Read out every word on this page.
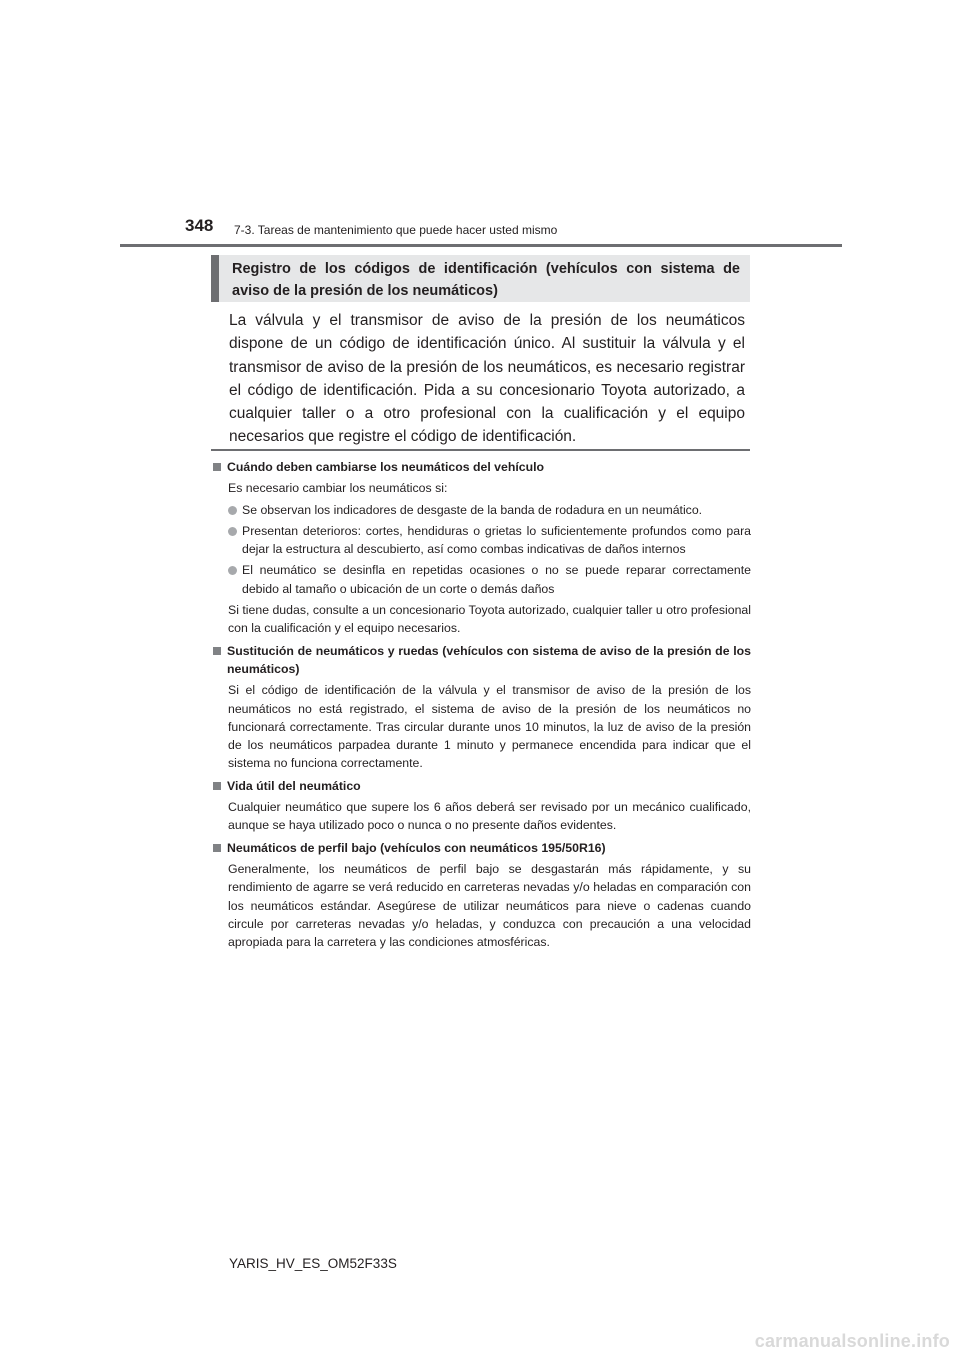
348 7-3. Tareas de mantenimiento que puede hacer usted mismo
Registro de los códigos de identificación (vehículos con sistema de aviso de la presión de los neumáticos)
La válvula y el transmisor de aviso de la presión de los neumáticos dispone de un código de identificación único. Al sustituir la válvula y el transmisor de aviso de la presión de los neumáticos, es necesario registrar el código de identificación. Pida a su concesionario Toyota autorizado, a cualquier taller o a otro profesional con la cualificación y el equipo necesarios que registre el código de identificación.
Cuándo deben cambiarse los neumáticos del vehículo
Es necesario cambiar los neumáticos si:
Se observan los indicadores de desgaste de la banda de rodadura en un neumático.
Presentan deterioros: cortes, hendiduras o grietas lo suficientemente profundos como para dejar la estructura al descubierto, así como combas indicativas de daños internos
El neumático se desinfla en repetidas ocasiones o no se puede reparar correctamente debido al tamaño o ubicación de un corte o demás daños
Si tiene dudas, consulte a un concesionario Toyota autorizado, cualquier taller u otro profesional con la cualificación y el equipo necesarios.
Sustitución de neumáticos y ruedas (vehículos con sistema de aviso de la presión de los neumáticos)
Si el código de identificación de la válvula y el transmisor de aviso de la presión de los neumáticos no está registrado, el sistema de aviso de la presión de los neumáticos no funcionará correctamente. Tras circular durante unos 10 minutos, la luz de aviso de la presión de los neumáticos parpadea durante 1 minuto y permanece encendida para indicar que el sistema no funciona correctamente.
Vida útil del neumático
Cualquier neumático que supere los 6 años deberá ser revisado por un mecánico cualificado, aunque se haya utilizado poco o nunca o no presente daños evidentes.
Neumáticos de perfil bajo (vehículos con neumáticos 195/50R16)
Generalmente, los neumáticos de perfil bajo se desgastarán más rápidamente, y su rendimiento de agarre se verá reducido en carreteras nevadas y/o heladas en comparación con los neumáticos estándar. Asegúrese de utilizar neumáticos para nieve o cadenas cuando circule por carreteras nevadas y/o heladas, y conduzca con precaución a una velocidad apropiada para la carretera y las condiciones atmosféricas.
YARIS_HV_ES_OM52F33S
carmanualsonline.info
